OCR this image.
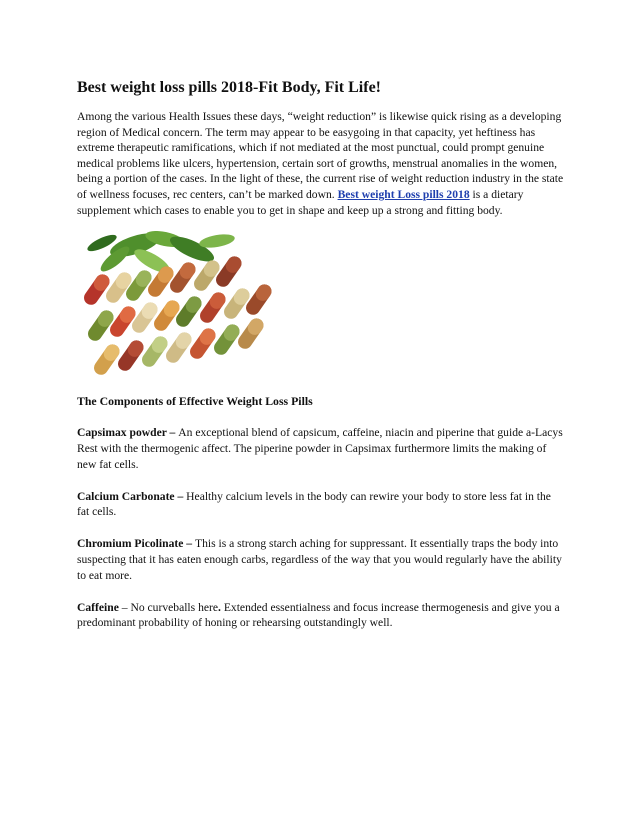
Best weight loss pills 2018-Fit Body, Fit Life!

Among the various Health Issues these days, “weight reduction” is likewise quick rising as a developing region of Medical concern. The term may appear to be easygoing in that capacity, yet heftiness has extreme therapeutic ramifications, which if not mediated at the most punctual, could prompt genuine medical problems like ulcers, hypertension, certain sort of growths, menstrual anomalies in the women, being a portion of the cases. In the light of these, the current rise of weight reduction industry in the state of wellness focuses, rec centers, can’t be marked down. Best weight Loss pills 2018 is a dietary supplement which cases to enable you to get in shape and keep up a strong and fitting body.

The Components of Effective Weight Loss Pills

Capsimax powder – An exceptional blend of capsicum, caffeine, niacin and piperine that guide a-Lacys Rest with the thermogenic affect. The piperine powder in Capsimax furthermore limits the making of new fat cells.

Calcium Carbonate – Healthy calcium levels in the body can rewire your body to store less fat in the fat cells.

Chromium Picolinate – This is a strong starch aching for suppressant. It essentially traps the body into suspecting that it has eaten enough carbs, regardless of the way that you would regularly have the ability to eat more.

Caffeine – No curveballs here. Extended essentialness and focus increase thermogenesis and give you a predominant probability of honing or rehearsing outstandingly well.
